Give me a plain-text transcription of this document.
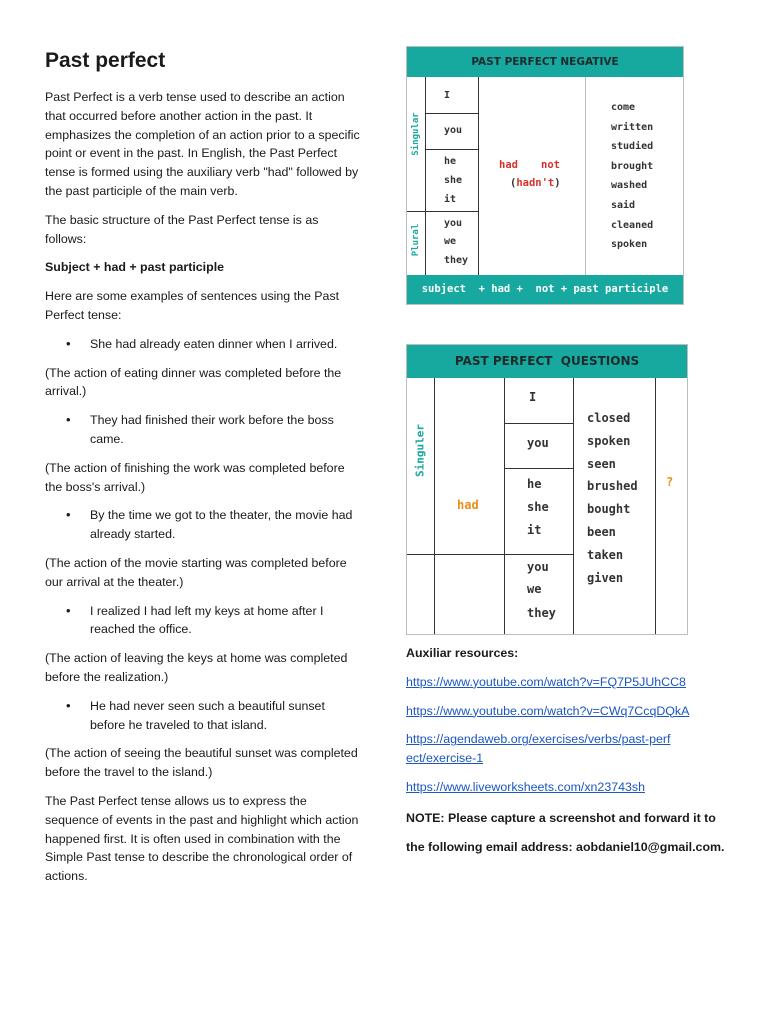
Past perfect
Past Perfect is a verb tense used to describe an action that occurred before another action in the past. It emphasizes the completion of an action prior to a specific point or event in the past. In English, the Past Perfect tense is formed using the auxiliary verb "had" followed by the past participle of the main verb.
The basic structure of the Past Perfect tense is as follows:
Subject + had + past participle
Here are some examples of sentences using the Past Perfect tense:
• She had already eaten dinner when I arrived.
(The action of eating dinner was completed before the arrival.)
• They had finished their work before the boss came.
(The action of finishing the work was completed before the boss's arrival.)
• By the time we got to the theater, the movie had already started.
(The action of the movie starting was completed before our arrival at the theater.)
• I realized I had left my keys at home after I reached the office.
(The action of leaving the keys at home was completed before the realization.)
• He had never seen such a beautiful sunset before he traveled to that island.
(The action of seeing the beautiful sunset was completed before the travel to the island.)
The Past Perfect tense allows us to express the sequence of events in the past and highlight which action happened first. It is often used in combination with the Simple Past tense to describe the chronological order of actions.
PAST PERFECT NEGATIVE
Singular
Plural
I
you
he
she
it
you
we
they
had not
(hadn't)
come
written
studied
brought
washed
said
cleaned
spoken
subject  + had +  not + past participle
PAST PERFECT  QUESTIONS
Singuler
had
I
you
he
she
it
you
we
they
closed
spoken
seen
brushed
bought
been
taken
given
?
Auxiliar resources:
https://www.youtube.com/watch?v=FQ7P5JUhCC8
https://www.youtube.com/watch?v=CWq7CcqDQkA
https://agendaweb.org/exercises/verbs/past-perfect/exercise-1
https://www.liveworksheets.com/xn23743sh
NOTE: Please capture a screenshot and forward it to
the following email address: aobdaniel10@gmail.com.
